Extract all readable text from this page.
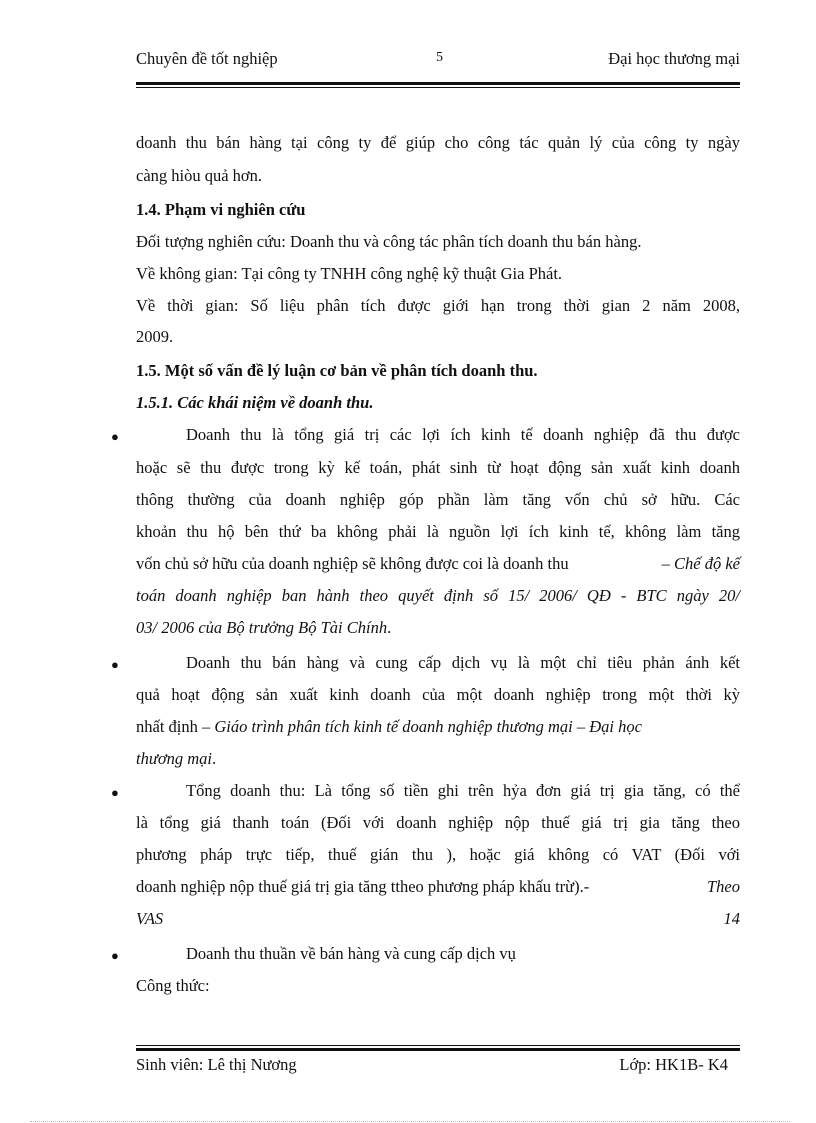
Chuyên đề tốt nghiệp	5	Đại học thương mại
doanh thu bán hàng tại công ty để giúp cho công tác quản lý của công ty ngày
càng hiòu quả hơn.
1.4. Phạm vi nghiên cứu
Đối tượng nghiên cứu: Doanh thu và công tác phân tích doanh thu bán hàng.
Về không gian: Tại công ty TNHH công nghệ kỹ thuật Gia Phát.
Về thời gian: Số liệu phân tích được giới hạn trong thời gian 2 năm 2008,
2009.
1.5. Một số vấn đề lý luận cơ bản về phân tích doanh thu.
1.5.1. Các khái niệm về doanh thu.
●	Doanh thu là tổng giá trị các lợi ích kinh tế doanh nghiệp đã thu được
hoặc sẽ thu được trong kỳ kế toán, phát sinh từ hoạt động sản xuất kinh doanh
thông thường của doanh nghiệp góp phần làm tăng vốn chủ sở hữu. Các
khoản thu hộ bên thứ ba không phải là nguồn lợi ích kinh tế, không làm tăng
vốn chủ sở hữu của doanh nghiệp sẽ không được coi là doanh thu	– Chế độ kế
toán doanh nghiệp ban hành theo quyết định số 15/ 2006/ QĐ - BTC ngày 20/
03/ 2006 của Bộ trưởng Bộ Tài Chính.
●	Doanh thu bán hàng và cung cấp dịch vụ là một chỉ tiêu phản ánh kết
quả hoạt động sản xuất kinh doanh của một doanh nghiệp trong một thời kỳ
nhất định – Giáo trình phân tích kinh tế doanh nghiệp thương mại – Đại học
thương mại.
●	Tổng doanh thu: Là tổng số tiền ghi trên hỷa đơn giá trị gia tăng, có thể
là tổng giá thanh toán (Đối với doanh nghiệp nộp thuế giá trị gia tăng theo
phương pháp trực tiếp, thuế gián thu ), hoặc giá không có VAT (Đối với
doanh nghiệp nộp thuế giá trị gia tăng ttheo phương pháp khấu trừ).-	Theo
VAS	14
●	Doanh thu thuần về bán hàng và cung cấp dịch vụ
Công thức:
Sinh viên: Lê thị Nương	Lớp: HK1B- K4
